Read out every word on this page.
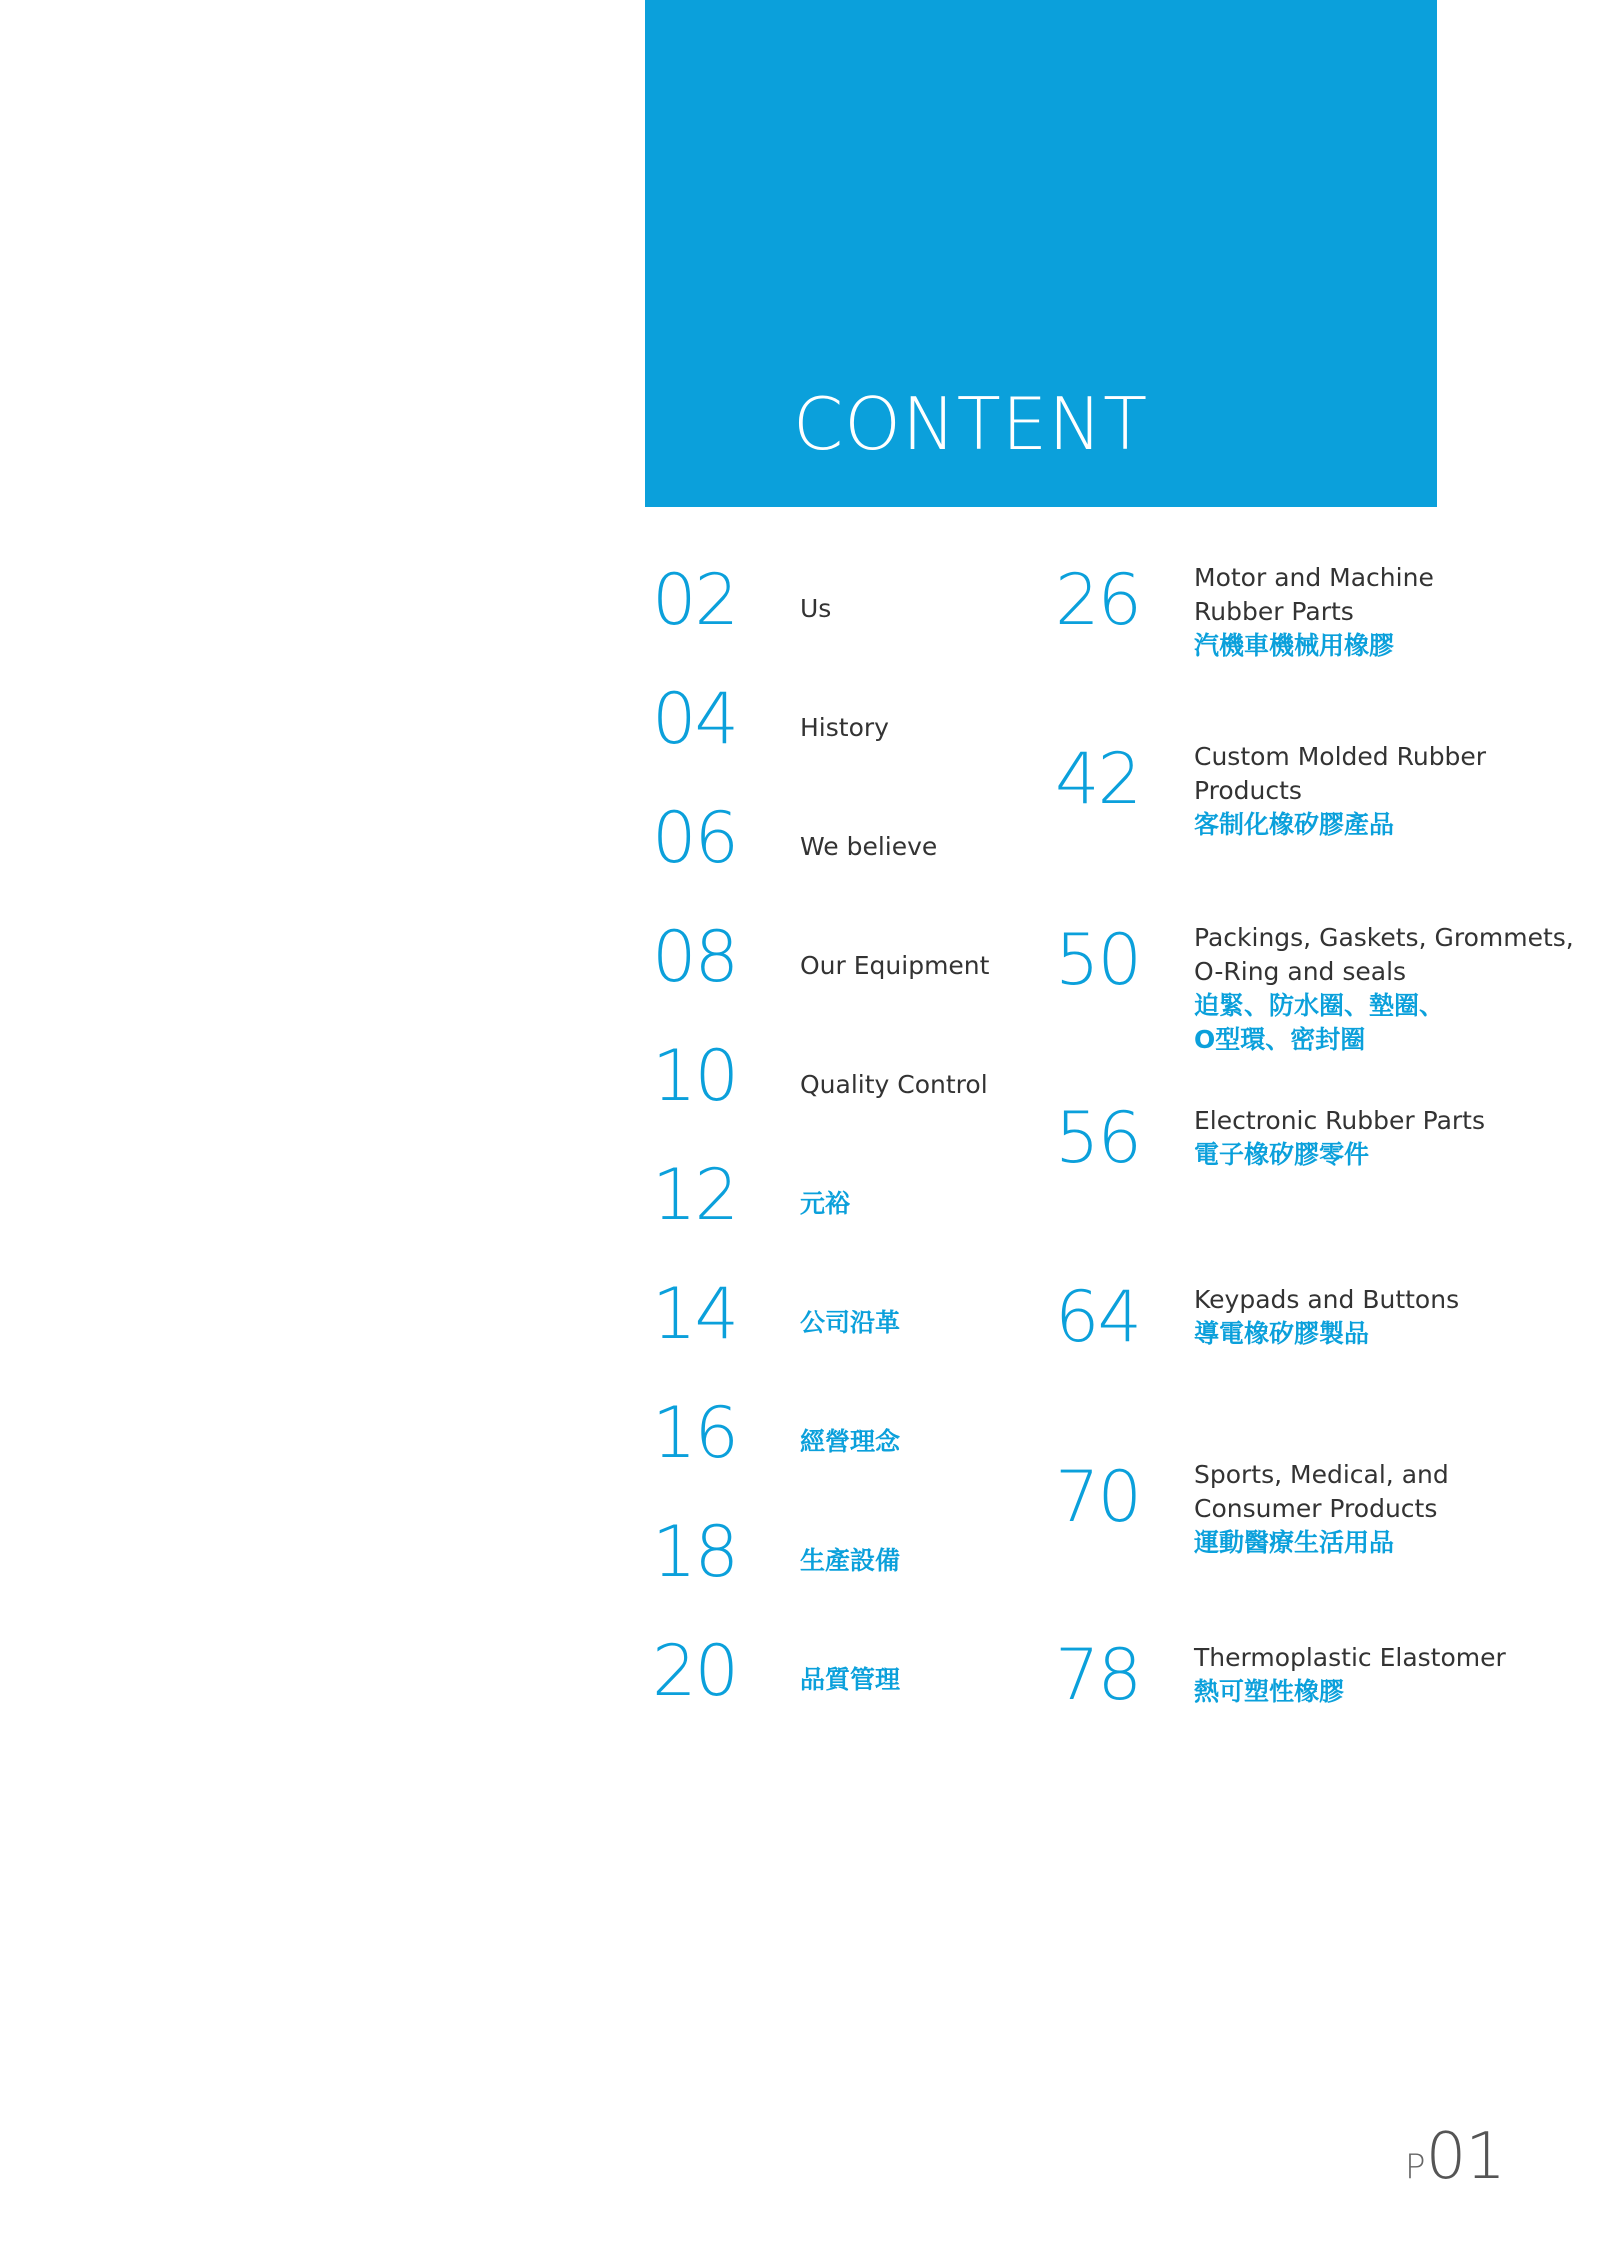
CONTENT
02	Us
04	History
06	We believe
08	Our Equipment
10	Quality Control
12	元裕
14	公司沿革
16	經營理念
18	生產設備
20	品質管理
26 Motor and Machine
Rubber Parts
汽機車機械用橡膠
42 Custom Molded Rubber
Products
客制化橡矽膠產品
50 Packings, Gaskets, Grommets,
O-Ring and seals
迫緊、防水圈、墊圈、
O型環、密封圈
56 Electronic Rubber Parts
電子橡矽膠零件
64 Keypads and Buttons
導電橡矽膠製品
70 Sports, Medical, and
Consumer Products
運動醫療生活用品
78 Thermoplastic Elastomer
熱可塑性橡膠
P01
